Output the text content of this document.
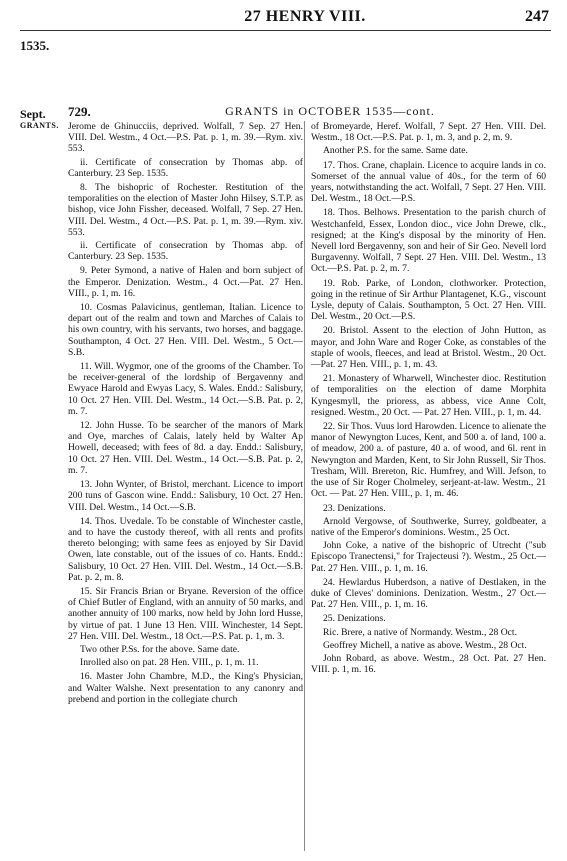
27 HENRY VIII.	247
1535.
Sept.
GRANTS.
729.	GRANTS in OCTOBER 1535—cont.

Jerome de Ghinucciis, deprived. Wolfall, 7 Sep. 27 Hen. VIII. Del. Westm., 4 Oct.—P.S. Pat. p. 1, m. 39.—Rym. xiv. 553.

ii. Certificate of consecration by Thomas abp. of Canterbury. 23 Sep. 1535.

8. The bishopric of Rochester. Restitution of the temporalities on the election of Master John Hilsey, S.T.P. as bishop, vice John Fissher, deceased. Wolfall, 7 Sep. 27 Hen. VIII. Del. Westm., 4 Oct.—P.S. Pat. p. 1, m. 39.—Rym. xiv. 553.

ii. Certificate of consecration by Thomas abp. of Canterbury. 23 Sep. 1535.

9. Peter Symond, a native of Halen and born subject of the Emperor. Denization. Westm., 4 Oct.—Pat. 27 Hen. VIII., p. 1, m. 16.

10. Cosmas Palavicinus, gentleman, Italian. Licence to depart out of the realm and town and Marches of Calais to his own country, with his servants, two horses, and baggage. Southampton, 4 Oct. 27 Hen. VIII. Del. Westm., 5 Oct.—S.B.

11. Will. Wygmor, one of the grooms of the Chamber. To be receiver-general of the lordship of Bergavenny and Ewyace Harold and Ewyas Lacy, S. Wales. Endd.: Salisbury, 10 Oct. 27 Hen. VIII. Del. Westm., 14 Oct.—S.B. Pat. p. 2, m. 7.

12. John Husse. To be searcher of the manors of Mark and Oye, marches of Calais, lately held by Walter Ap Howell, deceased; with fees of 8d. a day. Endd.: Salisbury, 10 Oct. 27 Hen. VIII. Del. Westm., 14 Oct.—S.B. Pat. p. 2, m. 7.

13. John Wynter, of Bristol, merchant. Licence to import 200 tuns of Gascon wine. Endd.: Salisbury, 10 Oct. 27 Hen. VIII. Del. Westm., 14 Oct.—S.B.

14. Thos. Uvedale. To be constable of Winchester castle, and to have the custody thereof, with all rents and profits thereto belonging; with same fees as enjoyed by Sir David Owen, late constable, out of the issues of co. Hants. Endd.: Salisbury, 10 Oct. 27 Hen. VIII. Del. Westm., 14 Oct.—S.B. Pat. p. 2, m. 8.

15. Sir Francis Brian or Bryane. Reversion of the office of Chief Butler of England, with an annuity of 50 marks, and another annuity of 100 marks, now held by John lord Husse, by virtue of pat. 1 June 13 Hen. VIII. Winchester, 14 Sept. 27 Hen. VIII. Del. Westm., 18 Oct.—P.S. Pat. p. 1, m. 3.

Two other P.Ss. for the above. Same date.

Inrolled also on pat. 28 Hen. VIII., p. 1, m. 11.

16. Master John Chambre, M.D., the King's Physician, and Walter Walshe. Next presentation to any canonry and prebend and portion in the collegiate church

of Bromeyarde, Heref. Wolfall, 7 Sept. 27 Hen. VIII. Del. Westm., 18 Oct.—P.S. Pat. p. 1, m. 3, and p. 2, m. 9.

Another P.S. for the same. Same date.

17. Thos. Crane, chaplain. Licence to acquire lands in co. Somerset of the annual value of 40s., for the term of 60 years, notwithstanding the act. Wolfall, 7 Sept. 27 Hen. VIII. Del. Westm., 18 Oct.—P.S.

18. Thos. Belhows. Presentation to the parish church of Westchanfeld, Essex, London dioc., vice John Drewe, clk., resigned; at the King's disposal by the minority of Hen. Nevell lord Bergavenny, son and heir of Sir Geo. Nevell lord Burgavenny. Wolfall, 7 Sept. 27 Hen. VIII. Del. Westm., 13 Oct.—P.S. Pat. p. 2, m. 7.

19. Rob. Parke, of London, clothworker. Protection, going in the retinue of Sir Arthur Plantagenet, K.G., viscount Lysle, deputy of Calais. Southampton, 5 Oct. 27 Hen. VIII. Del. Westm., 20 Oct.—P.S.

20. Bristol. Assent to the election of John Hutton, as mayor, and John Ware and Roger Coke, as constables of the staple of wools, fleeces, and lead at Bristol. Westm., 20 Oct.—Pat. 27 Hen. VIII., p. 1, m. 43.

21. Monastery of Wharwell, Winchester dioc. Restitution of temporalities on the election of dame Morphita Kyngesmyll, the prioress, as abbess, vice Anne Colt, resigned. Westm., 20 Oct. — Pat. 27 Hen. VIII., p. 1, m. 44.

22. Sir Thos. Vuus lord Harowden. Licence to alienate the manor of Newyngton Luces, Kent, and 500 a. of land, 100 a. of meadow, 200 a. of pasture, 40 a. of wood, and 6l. rent in Newyngton and Marden, Kent, to Sir John Russell, Sir Thos. Tresham, Will. Brereton, Ric. Humfrey, and Will. Jefson, to the use of Sir Roger Cholmeley, serjeant-at-law. Westm., 21 Oct. — Pat. 27 Hen. VIII., p. 1, m. 46.

23. Denizations.

Arnold Vergowse, of Southwerke, Surrey, goldbeater, a native of the Emperor's dominions. Westm., 25 Oct.

John Coke, a native of the bishopric of Utrecht ("sub Episcopo Tranectensi," for Trajecteusi ?). Westm., 25 Oct.—Pat. 27 Hen. VIII., p. 1, m. 16.

24. Hewlardus Huberdson, a native of Destlaken, in the duke of Cleves' dominions. Denization. Westm., 27 Oct.—Pat. 27 Hen. VIII., p. 1, m. 16.

25. Denizations.

Ric. Brere, a native of Normandy. Westm., 28 Oct.

Geoffrey Michell, a native as above. Westm., 28 Oct.

John Robard, as above. Westm., 28 Oct. Pat. 27 Hen. VIII. p. 1, m. 16.
